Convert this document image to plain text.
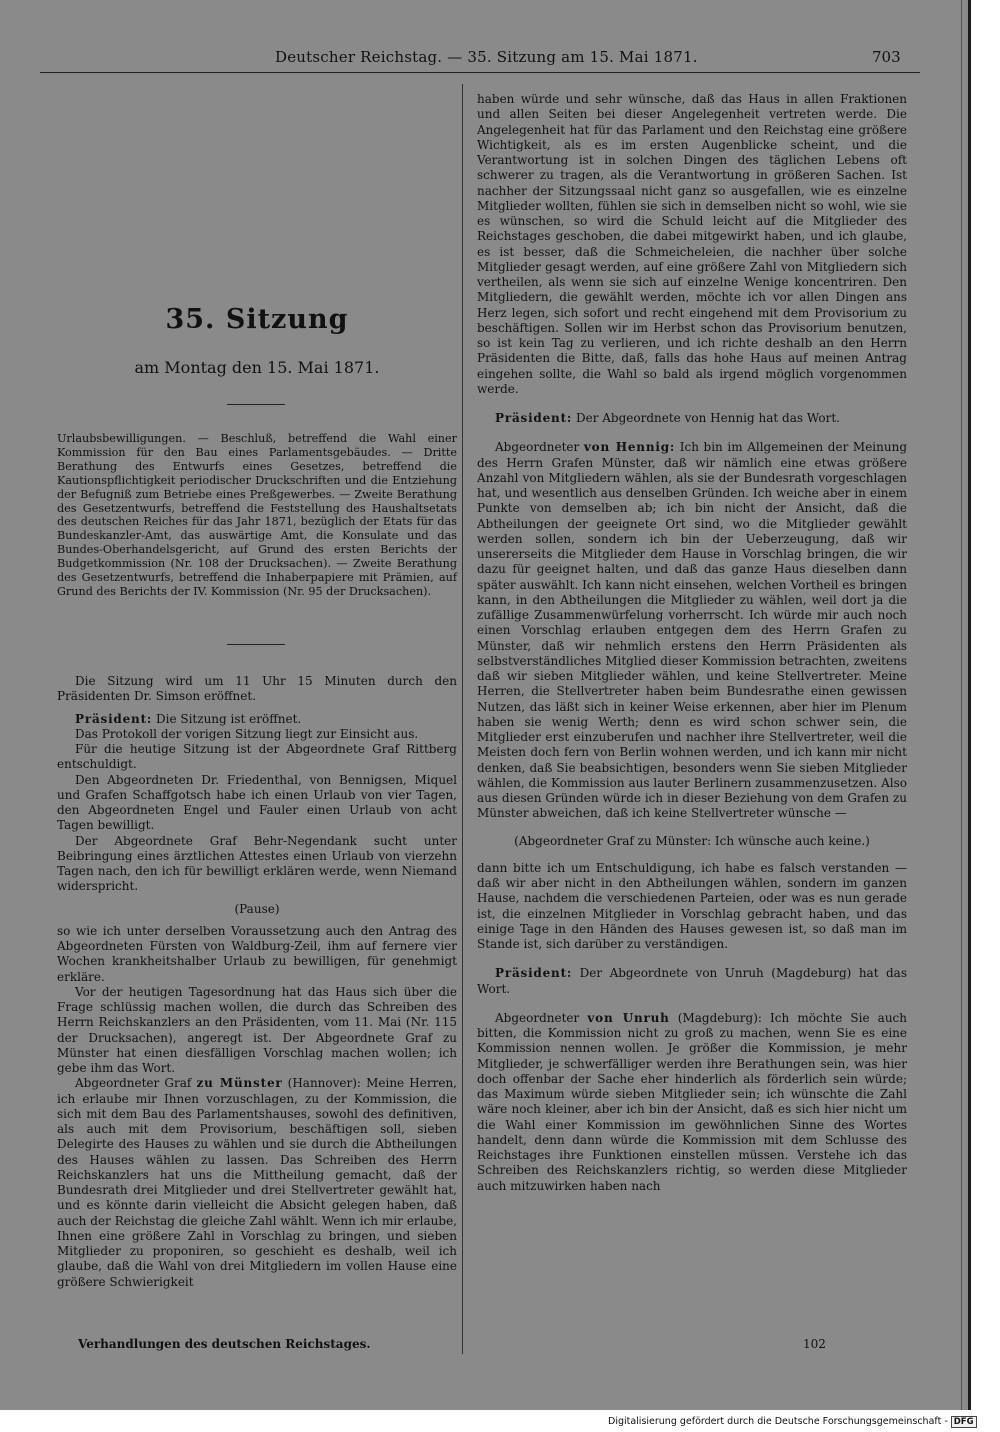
Deutscher Reichstag. — 35. Sitzung am 15. Mai 1871.	703
35. Sitzung
am Montag den 15. Mai 1871.

Urlaubsbewilligungen. — Beschluß, betreffend die Wahl einer Kommission für den Bau eines Parlamentsgebäudes. — Dritte Berathung des Entwurfs eines Gesetzes, betreffend die Kautionspflichtigkeit periodischer Druckschriften und die Entziehung der Befugniß zum Betriebe eines Preßgewerbes. — Zweite Berathung des Gesetzentwurfs, betreffend die Feststellung des Haushaltsetats des deutschen Reiches für das Jahr 1871, bezüglich der Etats für das Bundeskanzler-Amt, das auswärtige Amt, die Konsulate und das Bundes-Oberhandelsgericht, auf Grund des ersten Berichts der Budgetkommission (Nr. 108 der Drucksachen). — Zweite Berathung des Gesetzentwurfs, betreffend die Inhaberpapiere mit Prämien, auf Grund des Berichts der IV. Kommission (Nr. 95 der Drucksachen).

Die Sitzung wird um 11 Uhr 15 Minuten durch den Präsidenten Dr. Simson eröffnet.

Präsident: Die Sitzung ist eröffnet.

Das Protokoll der vorigen Sitzung liegt zur Einsicht aus.

Für die heutige Sitzung ist der Abgeordnete Graf Rittberg entschuldigt.

Den Abgeordneten Dr. Friedenthal, von Bennigsen, Miquel und Grafen Schaffgotsch habe ich einen Urlaub von vier Tagen, den Abgeordneten Engel und Fauler einen Urlaub von acht Tagen bewilligt.

Der Abgeordnete Graf Behr-Negendank sucht unter Beibringung eines ärztlichen Attestes einen Urlaub von vierzehn Tagen nach, den ich für bewilligt erklären werde, wenn Niemand widerspricht.

(Pause)

so wie ich unter derselben Voraussetzung auch den Antrag des Abgeordneten Fürsten von Waldburg-Zeil, ihm auf fernere vier Wochen krankheitshalber Urlaub zu bewilligen, für genehmigt erkläre.

Vor der heutigen Tagesordnung hat das Haus sich über die Frage schlüssig machen wollen, die durch das Schreiben des Herrn Reichskanzlers an den Präsidenten, vom 11. Mai (Nr. 115 der Drucksachen), angeregt ist. Der Abgeordnete Graf zu Münster hat einen diesfälligen Vorschlag machen wollen; ich gebe ihm das Wort.

Abgeordneter Graf zu Münster (Hannover): Meine Herren, ich erlaube mir Ihnen vorzuschlagen, zu der Kommission, die sich mit dem Bau des Parlamentshauses, sowohl des definitiven, als auch mit dem Provisorium, beschäftigen soll, sieben Delegirte des Hauses zu wählen und sie durch die Abtheilungen des Hauses wählen zu lassen. Das Schreiben des Herrn Reichskanzlers hat uns die Mittheilung gemacht, daß der Bundesrath drei Mitglieder und drei Stellvertreter gewählt hat, und es könnte darin vielleicht die Absicht gelegen haben, daß auch der Reichstag die gleiche Zahl wählt. Wenn ich mir erlaube, Ihnen eine größere Zahl in Vorschlag zu bringen, und sieben Mitglieder zu proponiren, so geschieht es deshalb, weil ich glaube, daß die Wahl von drei Mitgliedern im vollen Hause eine größere Schwierigkeit

haben würde und sehr wünsche, daß das Haus in allen Fraktionen und allen Seiten bei dieser Angelegenheit vertreten werde. Die Angelegenheit hat für das Parlament und den Reichstag eine größere Wichtigkeit, als es im ersten Augenblicke scheint, und die Verantwortung ist in solchen Dingen des täglichen Lebens oft schwerer zu tragen, als die Verantwortung in größeren Sachen. Ist nachher der Sitzungssaal nicht ganz so ausgefallen, wie es einzelne Mitglieder wollten, fühlen sie sich in demselben nicht so wohl, wie sie es wünschen, so wird die Schuld leicht auf die Mitglieder des Reichstages geschoben, die dabei mitgewirkt haben, und ich glaube, es ist besser, daß die Schmeicheleien, die nachher über solche Mitglieder gesagt werden, auf eine größere Zahl von Mitgliedern sich vertheilen, als wenn sie sich auf einzelne Wenige koncentriren. Den Mitgliedern, die gewählt werden, möchte ich vor allen Dingen ans Herz legen, sich sofort und recht eingehend mit dem Provisorium zu beschäftigen. Sollen wir im Herbst schon das Provisorium benutzen, so ist kein Tag zu verlieren, und ich richte deshalb an den Herrn Präsidenten die Bitte, daß, falls das hohe Haus auf meinen Antrag eingehen sollte, die Wahl so bald als irgend möglich vorgenommen werde.

Präsident: Der Abgeordnete von Hennig hat das Wort.

Abgeordneter von Hennig: Ich bin im Allgemeinen der Meinung des Herrn Grafen Münster, daß wir nämlich eine etwas größere Anzahl von Mitgliedern wählen, als sie der Bundesrath vorgeschlagen hat, und wesentlich aus denselben Gründen. Ich weiche aber in einem Punkte von demselben ab; ich bin nicht der Ansicht, daß die Abtheilungen der geeignete Ort sind, wo die Mitglieder gewählt werden sollen, sondern ich bin der Ueberzeugung, daß wir unsererseits die Mitglieder dem Hause in Vorschlag bringen, die wir dazu für geeignet halten, und daß das ganze Haus dieselben dann später auswählt. Ich kann nicht einsehen, welchen Vortheil es bringen kann, in den Abtheilungen die Mitglieder zu wählen, weil dort ja die zufällige Zusammenwürfelung vorherrscht. Ich würde mir auch noch einen Vorschlag erlauben entgegen dem des Herrn Grafen zu Münster, daß wir nehmlich erstens den Herrn Präsidenten als selbstverständliches Mitglied dieser Kommission betrachten, zweitens daß wir sieben Mitglieder wählen, und keine Stellvertreter. Meine Herren, die Stellvertreter haben beim Bundesrathe einen gewissen Nutzen, das läßt sich in keiner Weise erkennen, aber hier im Plenum haben sie wenig Werth; denn es wird schon schwer sein, die Mitglieder erst einzuberufen und nachher ihre Stellvertreter, weil die Meisten doch fern von Berlin wohnen werden, und ich kann mir nicht denken, daß Sie beabsichtigen, besonders wenn Sie sieben Mitglieder wählen, die Kommission aus lauter Berlinern zusammenzusetzen. Also aus diesen Gründen würde ich in dieser Beziehung von dem Grafen zu Münster abweichen, daß ich keine Stellvertreter wünsche —

(Abgeordneter Graf zu Münster: Ich wünsche auch keine.)

dann bitte ich um Entschuldigung, ich habe es falsch verstanden — daß wir aber nicht in den Abtheilungen wählen, sondern im ganzen Hause, nachdem die verschiedenen Parteien, oder was es nun gerade ist, die einzelnen Mitglieder in Vorschlag gebracht haben, und das einige Tage in den Händen des Hauses gewesen ist, so daß man im Stande ist, sich darüber zu verständigen.

Präsident: Der Abgeordnete von Unruh (Magdeburg) hat das Wort.

Abgeordneter von Unruh (Magdeburg): Ich möchte Sie auch bitten, die Kommission nicht zu groß zu machen, wenn Sie es eine Kommission nennen wollen. Je größer die Kommission, je mehr Mitglieder, je schwerfälliger werden ihre Berathungen sein, was hier doch offenbar der Sache eher hinderlich als förderlich sein würde; das Maximum würde sieben Mitglieder sein; ich wünschte die Zahl wäre noch kleiner, aber ich bin der Ansicht, daß es sich hier nicht um die Wahl einer Kommission im gewöhnlichen Sinne des Wortes handelt, denn dann würde die Kommission mit dem Schlusse des Reichstages ihre Funktionen einstellen müssen. Verstehe ich das Schreiben des Reichskanzlers richtig, so werden diese Mitglieder auch mitzuwirken haben nach

Verhandlungen des deutschen Reichstages.	102
Digitalisierung gefördert durch die Deutsche Forschungsgemeinschaft - DFG
